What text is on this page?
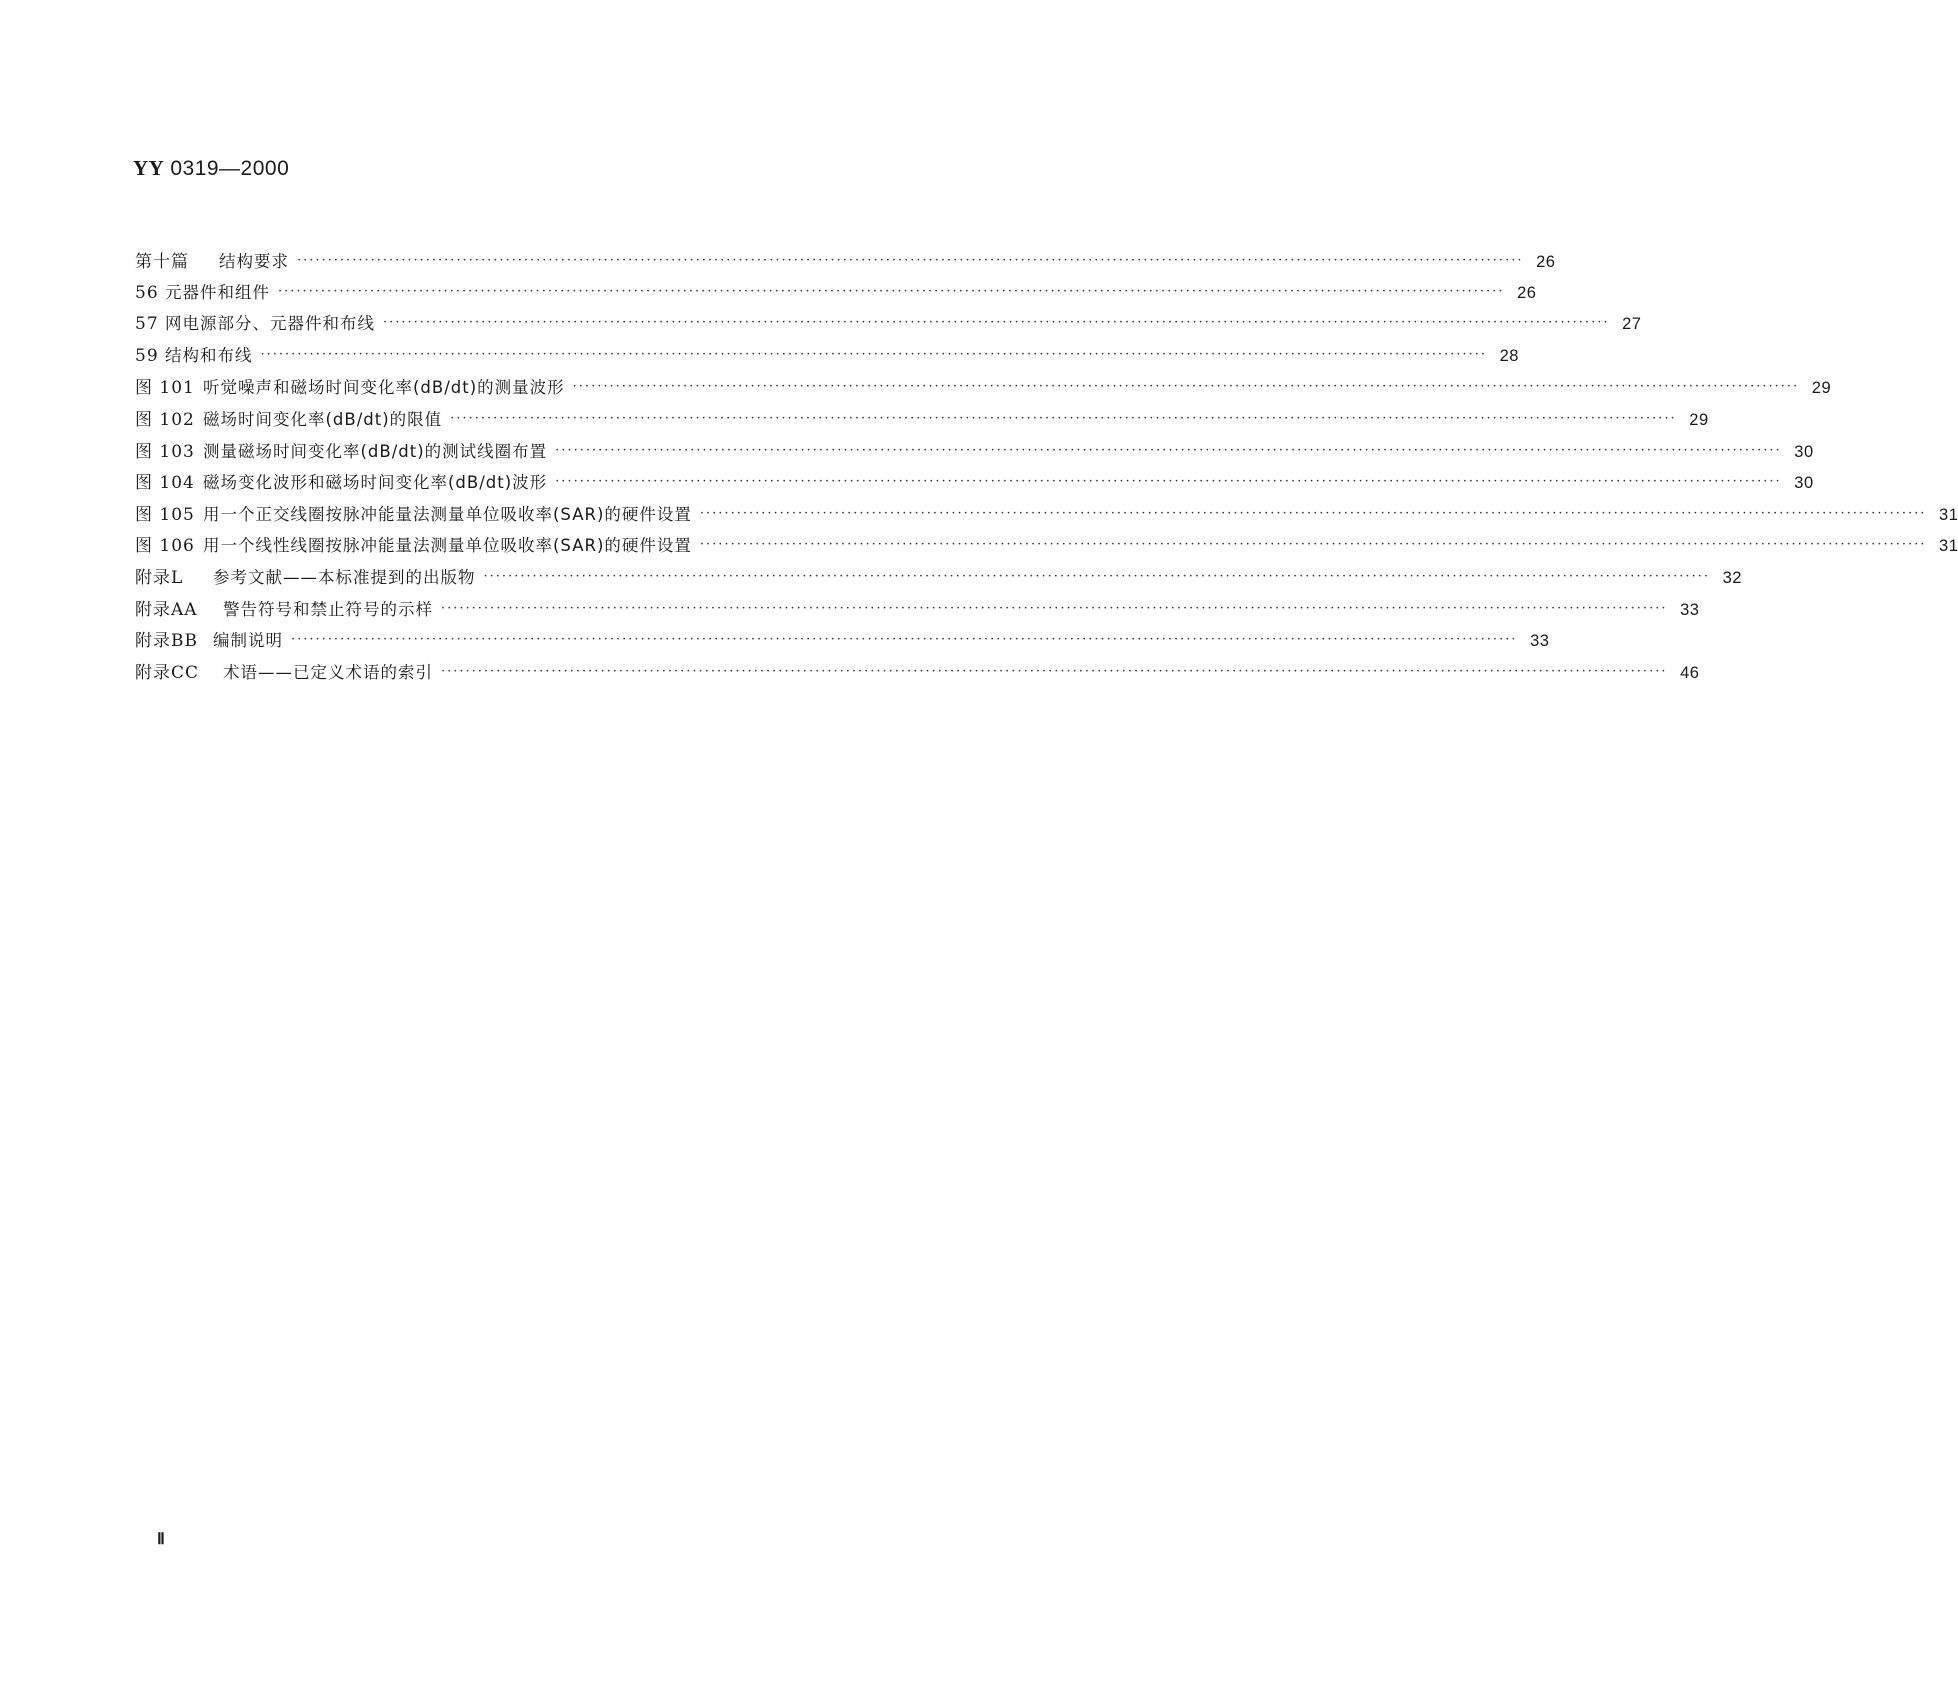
YY 0319—2000
第十篇	结构要求 ········································································································································································································ 26
56 元器件和组件 ········································································································································································································ 26
57 网电源部分、元器件和布线 ········································································································································································································ 27
59 结构和布线 ········································································································································································································ 28
图 101 听觉噪声和磁场时间变化率(dB/dt)的测量波形 ········································································································································································································ 29
图 102 磁场时间变化率(dB/dt)的限值 ········································································································································································································ 29
图 103 测量磁场时间变化率(dB/dt)的测试线圈布置 ········································································································································································································ 30
图 104 磁场变化波形和磁场时间变化率(dB/dt)波形 ········································································································································································································ 30
图 105 用一个正交线圈按脉冲能量法测量单位吸收率(SAR)的硬件设置 ········································································································································································································ 31
图 106 用一个线性线圈按脉冲能量法测量单位吸收率(SAR)的硬件设置 ········································································································································································································ 31
附录L	参考文献——本标准提到的出版物 ········································································································································································································ 32
附录AA	警告符号和禁止符号的示样 ········································································································································································································ 33
附录BB 编制说明 ········································································································································································································ 33
附录CC	术语——已定义术语的索引 ········································································································································································································ 46
Ⅱ
